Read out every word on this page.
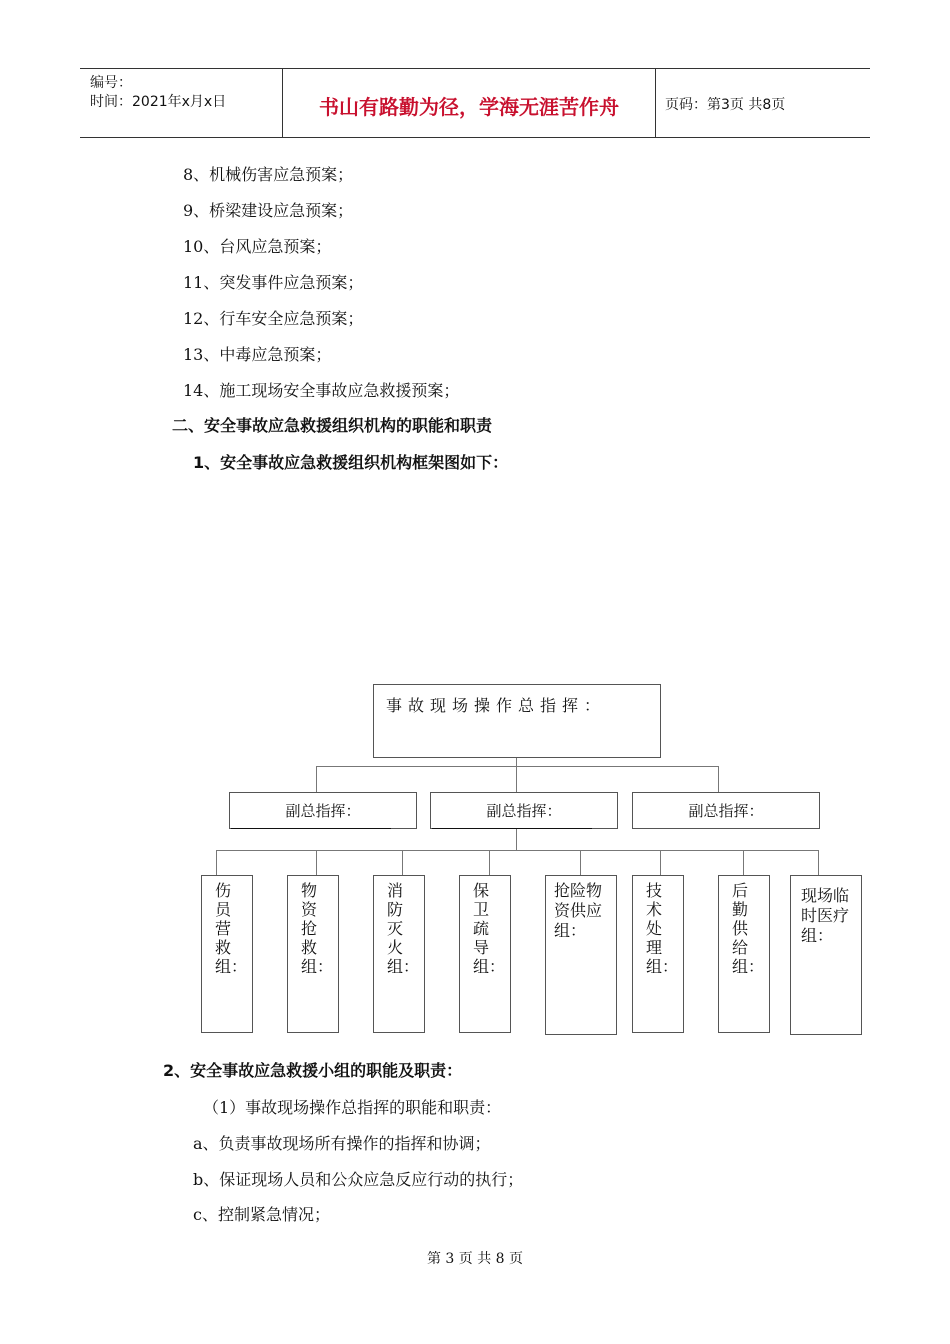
编号：
时间：2021年x月x日	书山有路勤为径，学海无涯苦作舟	页码：第3页 共8页
8、机械伤害应急预案；
9、桥梁建设应急预案；
10、台风应急预案；
11、突发事件应急预案；
12、行车安全应急预案；
13、中毒应急预案；
14、施工现场安全事故应急救援预案；
二、安全事故应急救援组织机构的职能和职责
1、安全事故应急救援组织机构框架图如下：
事故现场操作总指挥：
副总指挥：	副总指挥：	副总指挥：
伤员营救组：
物资抢救组：
消防灭火组：
保卫疏导组：
抢险物资供应组：
技术处理组：
后勤供给组：
现场临时医疗组：
2、安全事故应急救援小组的职能及职责：
（1）事故现场操作总指挥的职能和职责：
a、负责事故现场所有操作的指挥和协调；
b、保证现场人员和公众应急反应行动的执行；
c、控制紧急情况；
第 3 页 共 8 页
